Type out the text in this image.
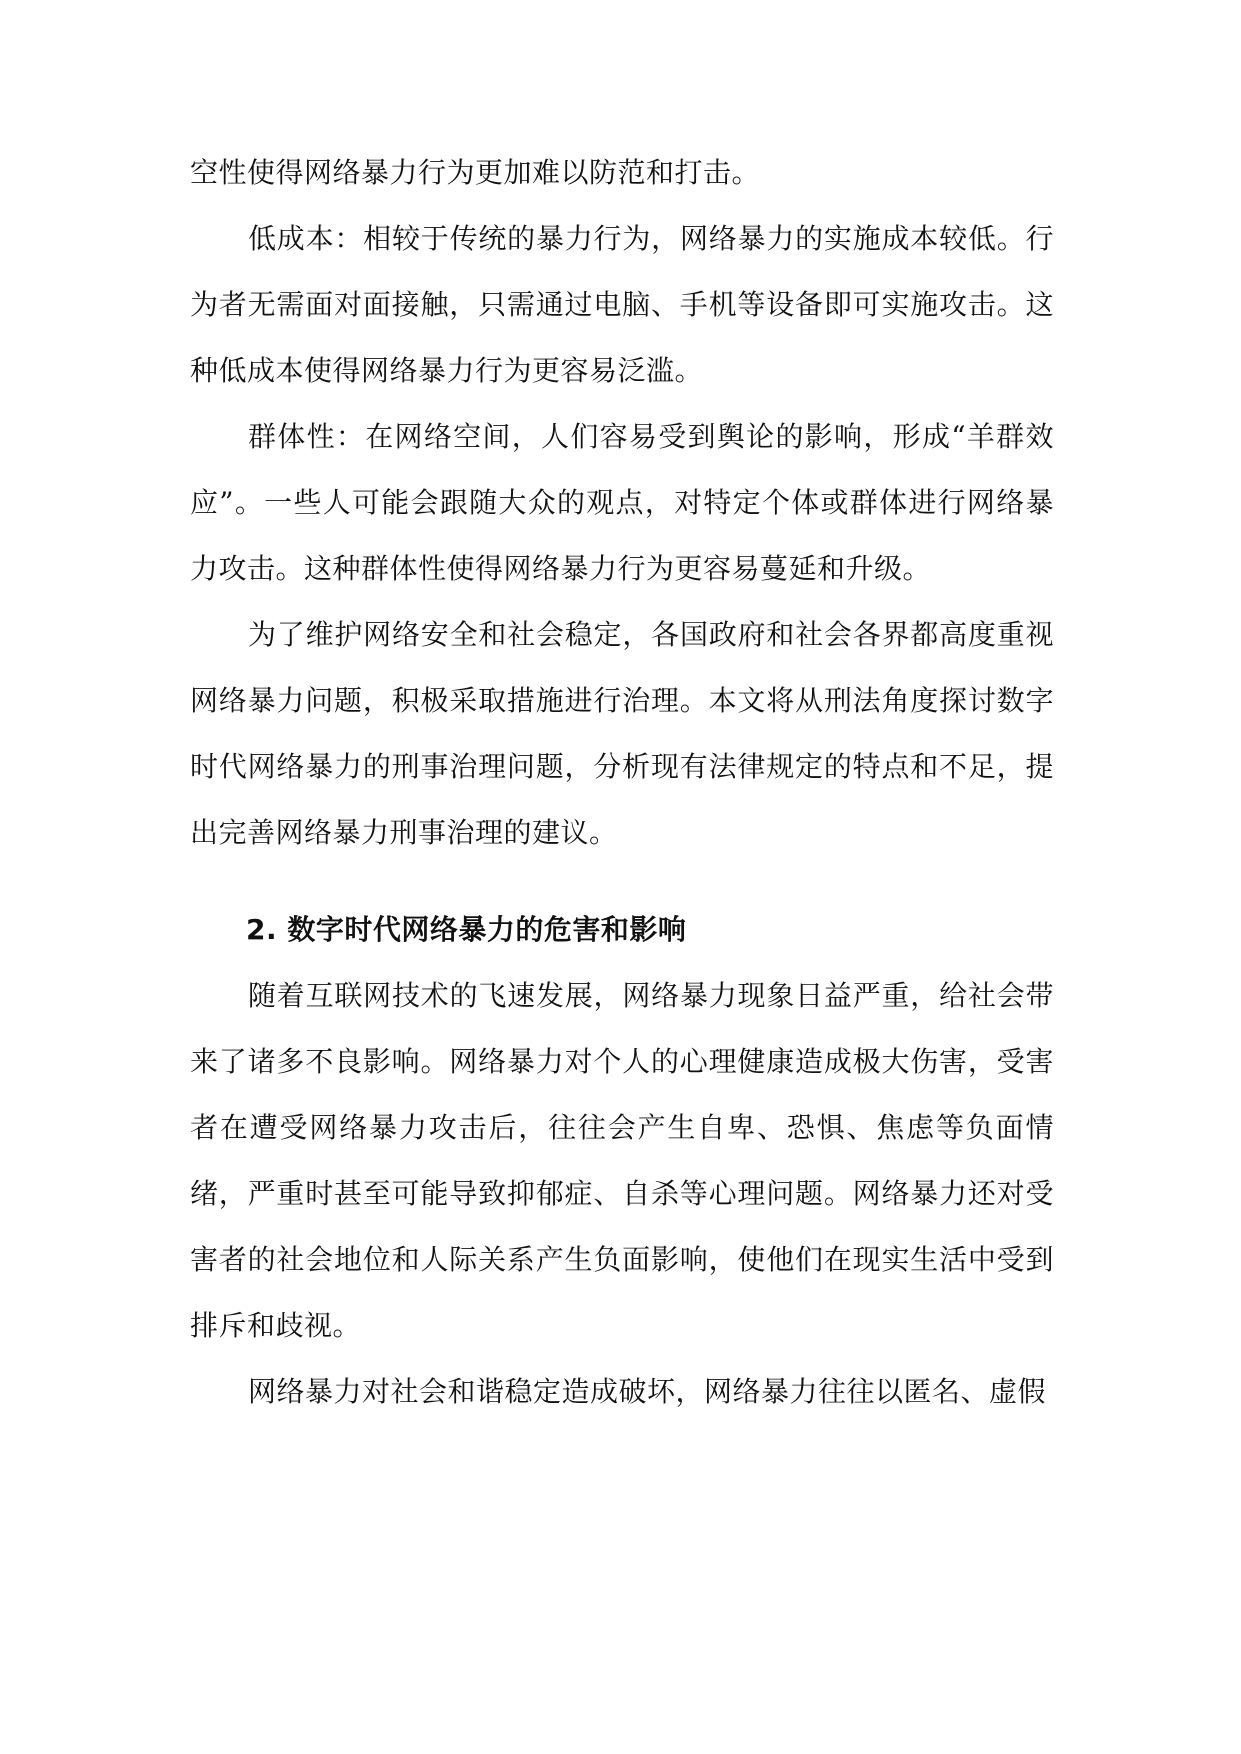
空性使得网络暴力行为更加难以防范和打击。

低成本：相较于传统的暴力行为，网络暴力的实施成本较低。行为者无需面对面接触，只需通过电脑、手机等设备即可实施攻击。这种低成本使得网络暴力行为更容易泛滥。

群体性：在网络空间，人们容易受到舆论的影响，形成“羊群效应”。一些人可能会跟随大众的观点，对特定个体或群体进行网络暴力攻击。这种群体性使得网络暴力行为更容易蔓延和升级。

为了维护网络安全和社会稳定，各国政府和社会各界都高度重视网络暴力问题，积极采取措施进行治理。本文将从刑法角度探讨数字时代网络暴力的刑事治理问题，分析现有法律规定的特点和不足，提出完善网络暴力刑事治理的建议。

2. 数字时代网络暴力的危害和影响

随着互联网技术的飞速发展，网络暴力现象日益严重，给社会带来了诸多不良影响。网络暴力对个人的心理健康造成极大伤害，受害者在遭受网络暴力攻击后，往往会产生自卑、恐惧、焦虑等负面情绪，严重时甚至可能导致抑郁症、自杀等心理问题。网络暴力还对受害者的社会地位和人际关系产生负面影响，使他们在现实生活中受到排斥和歧视。

网络暴力对社会和谐稳定造成破坏，网络暴力往往以匿名、虚假
